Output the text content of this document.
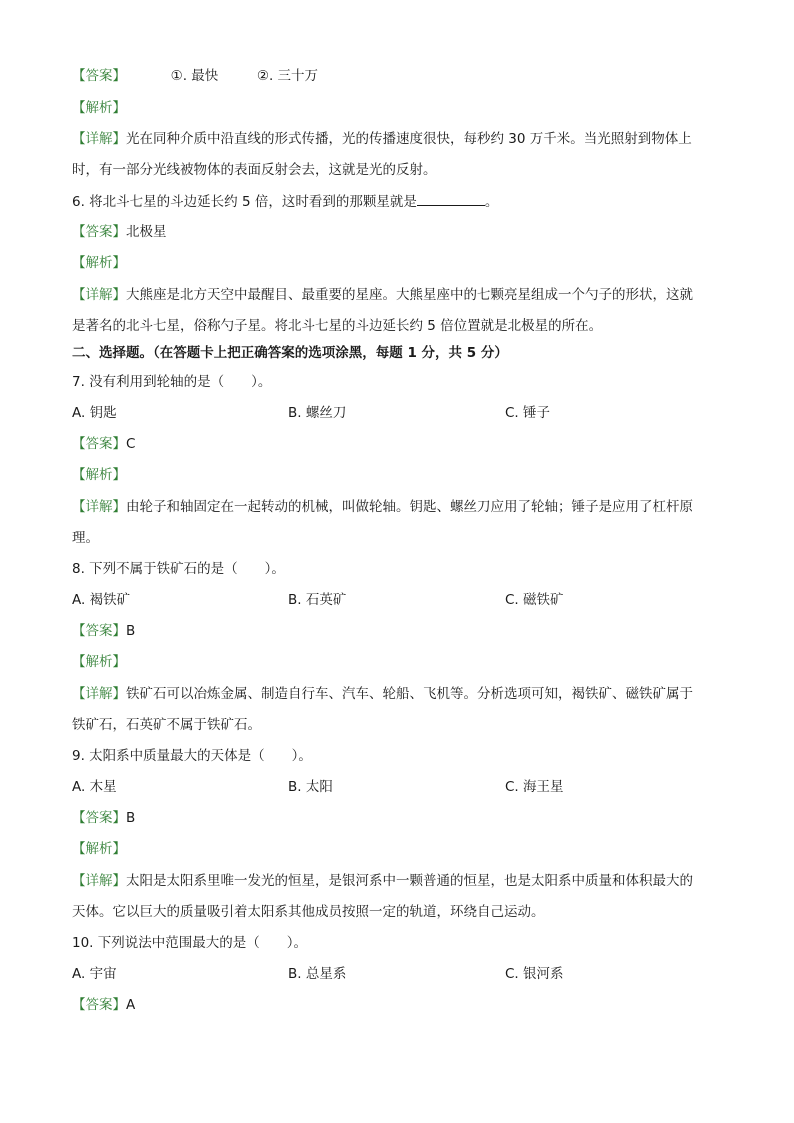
【答案】	①. 最快	②. 三十万
【解析】
【详解】光在同种介质中沿直线的形式传播，光的传播速度很快，每秒约 30 万千米。当光照射到物体上
时，有一部分光线被物体的表面反射会去，这就是光的反射。
6. 将北斗七星的斗边延长约 5 倍，这时看到的那颗星就是	。
【答案】北极星
【解析】
【详解】大熊座是北方天空中最醒目、最重要的星座。大熊星座中的七颗亮星组成一个勺子的形状，这就
是著名的北斗七星，俗称勺子星。将北斗七星的斗边延长约 5 倍位置就是北极星的所在。
二、选择题。（在答题卡上把正确答案的选项涂黑，每题 1 分，共 5 分）
7. 没有利用到轮轴的是（　　）。
A. 钥匙	B. 螺丝刀	C. 锤子
【答案】C
【解析】
【详解】由轮子和轴固定在一起转动的机械，叫做轮轴。钥匙、螺丝刀应用了轮轴；锤子是应用了杠杆原
理。
8. 下列不属于铁矿石的是（　　）。
A. 褐铁矿	B. 石英矿	C. 磁铁矿
【答案】B
【解析】
【详解】铁矿石可以冶炼金属、制造自行车、汽车、轮船、飞机等。分析选项可知，褐铁矿、磁铁矿属于
铁矿石，石英矿不属于铁矿石。
9. 太阳系中质量最大的天体是（　　）。
A. 木星	B. 太阳	C. 海王星
【答案】B
【解析】
【详解】太阳是太阳系里唯一发光的恒星，是银河系中一颗普通的恒星，也是太阳系中质量和体积最大的
天体。它以巨大的质量吸引着太阳系其他成员按照一定的轨道，环绕自己运动。
10. 下列说法中范围最大的是（　　）。
A. 宇宙	B. 总星系	C. 银河系
【答案】A
